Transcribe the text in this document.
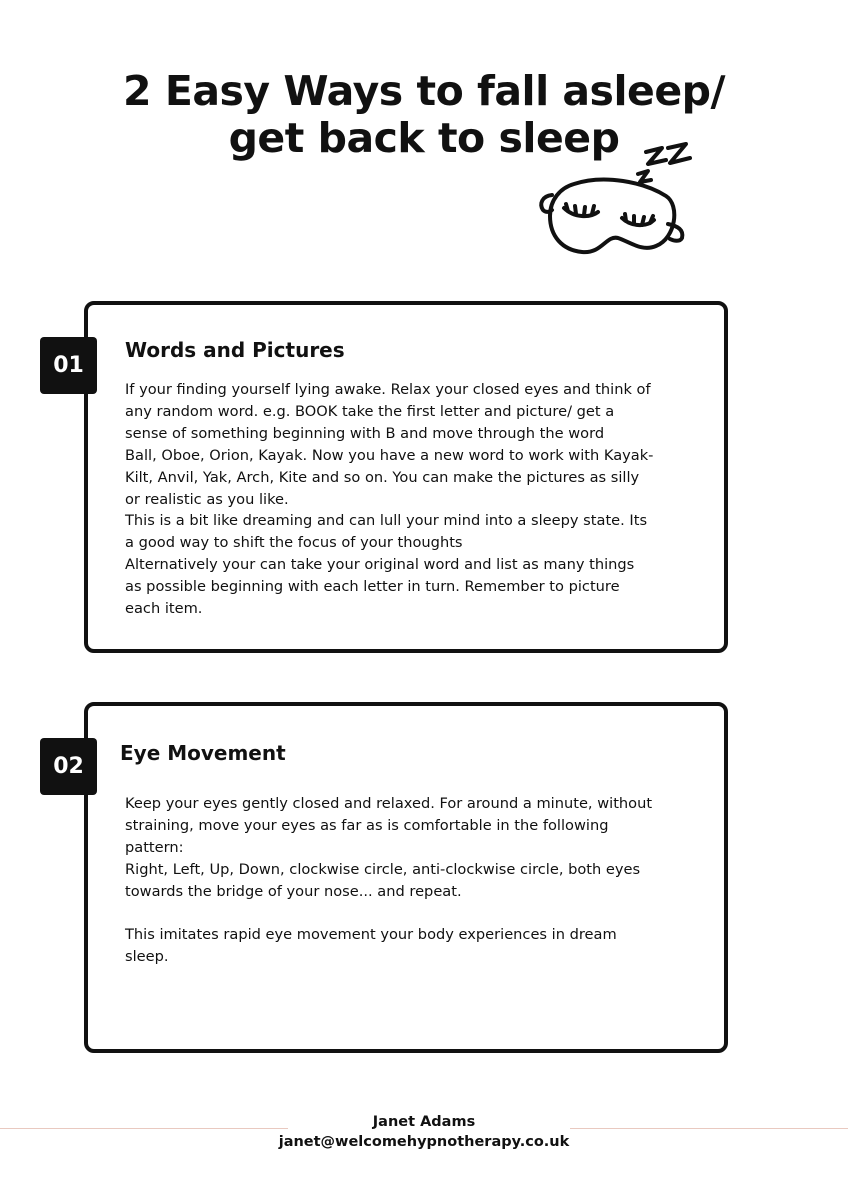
2 Easy Ways to fall asleep/
get back to sleep
01
Words and Pictures
If your finding yourself lying awake. Relax your closed eyes and think of
any random word. e.g. BOOK take the first letter and picture/ get a
sense of something beginning with B and move through the word
Ball, Oboe, Orion, Kayak. Now you have a new word to work with Kayak-
Kilt, Anvil, Yak, Arch, Kite and so on. You can make the pictures as silly
or realistic as you like.
This is a bit like dreaming and can lull your mind into a sleepy state. Its
a good way to shift the focus of your thoughts
Alternatively your can take your original word and list as many things
as possible beginning with each letter in turn. Remember to picture
each item.
02
Eye Movement
Keep your eyes gently closed and relaxed. For around a minute, without
straining, move your eyes as far as is comfortable in the following
pattern:
Right, Left, Up, Down, clockwise circle, anti-clockwise circle, both eyes
towards the bridge of your nose... and repeat.
This imitates rapid eye movement your body experiences in dream
sleep.
Janet Adams
janet@welcomehypnotherapy.co.uk
